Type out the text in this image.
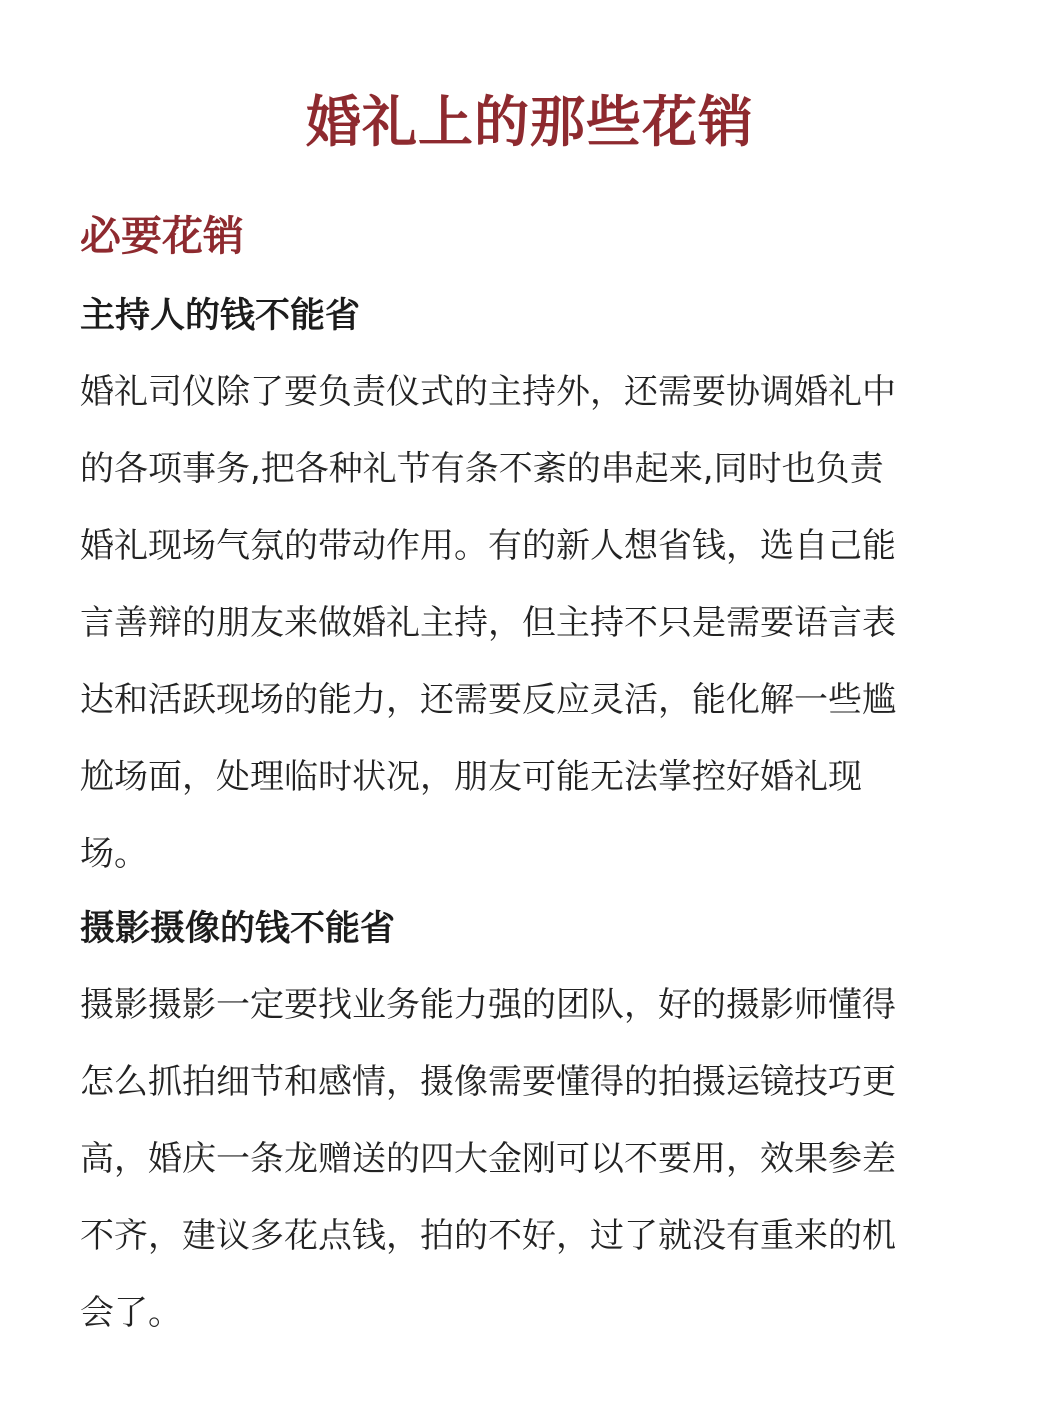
婚礼上的那些花销
必要花销
主持人的钱不能省

婚礼司仪除了要负责仪式的主持外，还需要协调婚礼中
的各项事务,把各种礼节有条不紊的串起来,同时也负责
婚礼现场气氛的带动作用。有的新人想省钱，选自己能
言善辩的朋友来做婚礼主持，但主持不只是需要语言表
达和活跃现场的能力，还需要反应灵活，能化解一些尴
尬场面，处理临时状况，朋友可能无法掌控好婚礼现
场。

摄影摄像的钱不能省

摄影摄影一定要找业务能力强的团队，好的摄影师懂得
怎么抓拍细节和感情，摄像需要懂得的拍摄运镜技巧更
高，婚庆一条龙赠送的四大金刚可以不要用，效果参差
不齐，建议多花点钱，拍的不好，过了就没有重来的机
会了。
